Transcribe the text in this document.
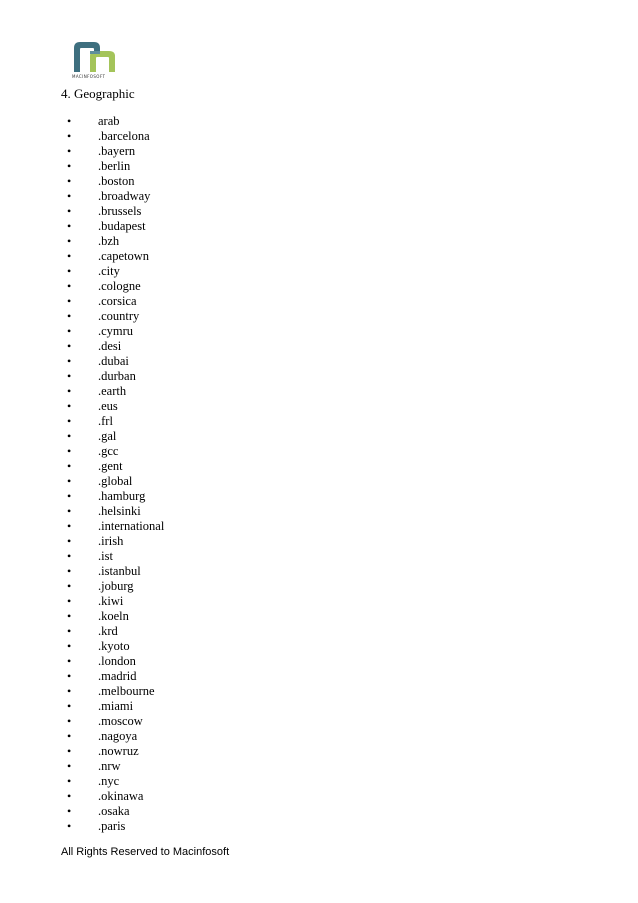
MACINFOSOFT
4. Geographic
• arab
• .barcelona
• .bayern
• .berlin
• .boston
• .broadway
• .brussels
• .budapest
• .bzh
• .capetown
• .city
• .cologne
• .corsica
• .country
• .cymru
• .desi
• .dubai
• .durban
• .earth
• .eus
• .frl
• .gal
• .gcc
• .gent
• .global
• .hamburg
• .helsinki
• .international
• .irish
• .ist
• .istanbul
• .joburg
• .kiwi
• .koeln
• .krd
• .kyoto
• .london
• .madrid
• .melbourne
• .miami
• .moscow
• .nagoya
• .nowruz
• .nrw
• .nyc
• .okinawa
• .osaka
• .paris
All Rights Reserved to Macinfosoft
